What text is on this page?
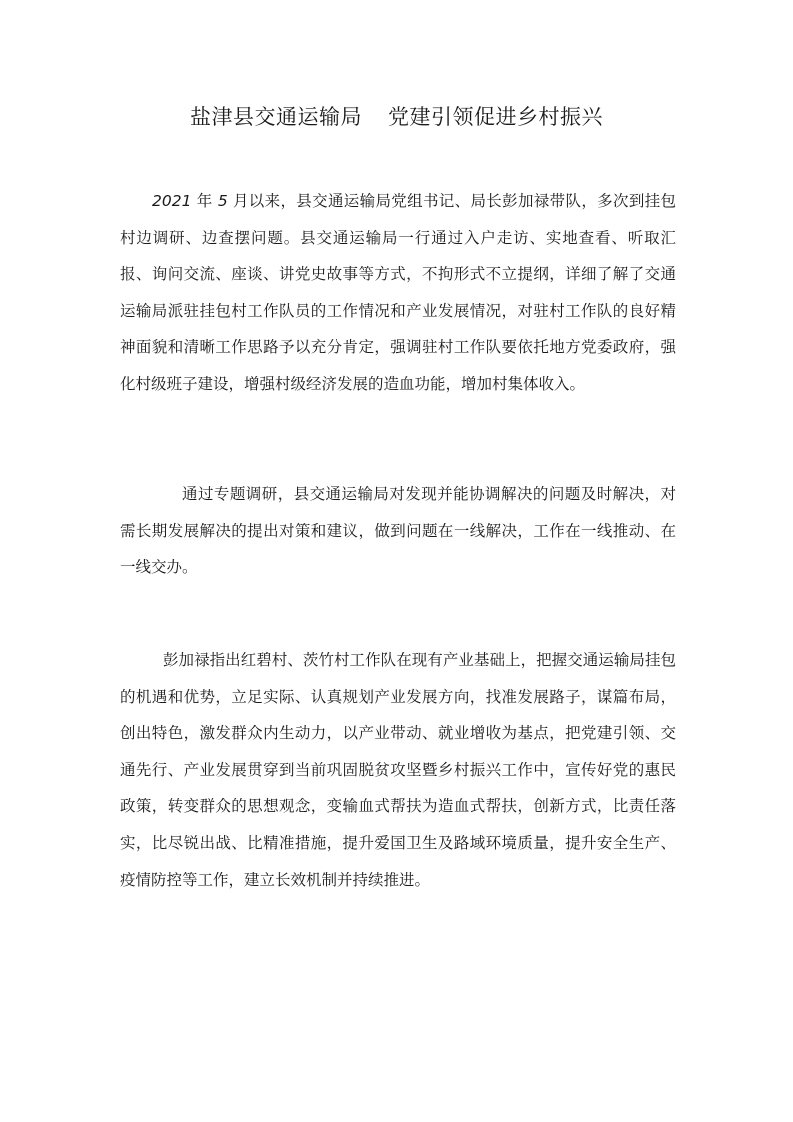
盐津县交通运输局 党建引领促进乡村振兴

2021 年 5 月以来，县交通运输局党组书记、局长彭加禄带队，多次到挂包村边调研、边查摆问题。县交通运输局一行通过入户走访、实地查看、听取汇报、询问交流、座谈、讲党史故事等方式，不拘形式不立提纲，详细了解了交通运输局派驻挂包村工作队员的工作情况和产业发展情况，对驻村工作队的良好精神面貌和清晰工作思路予以充分肯定，强调驻村工作队要依托地方党委政府，强化村级班子建设，增强村级经济发展的造血功能，增加村集体收入。

通过专题调研，县交通运输局对发现并能协调解决的问题及时解决，对需长期发展解决的提出对策和建议，做到问题在一线解决，工作在一线推动、在一线交办。

彭加禄指出红碧村、茨竹村工作队在现有产业基础上，把握交通运输局挂包的机遇和优势，立足实际、认真规划产业发展方向，找准发展路子，谋篇布局，创出特色，激发群众内生动力，以产业带动、就业增收为基点，把党建引领、交通先行、产业发展贯穿到当前巩固脱贫攻坚暨乡村振兴工作中，宣传好党的惠民政策，转变群众的思想观念，变输血式帮扶为造血式帮扶，创新方式，比责任落实，比尽锐出战、比精准措施，提升爱国卫生及路域环境质量，提升安全生产、疫情防控等工作，建立长效机制并持续推进。
